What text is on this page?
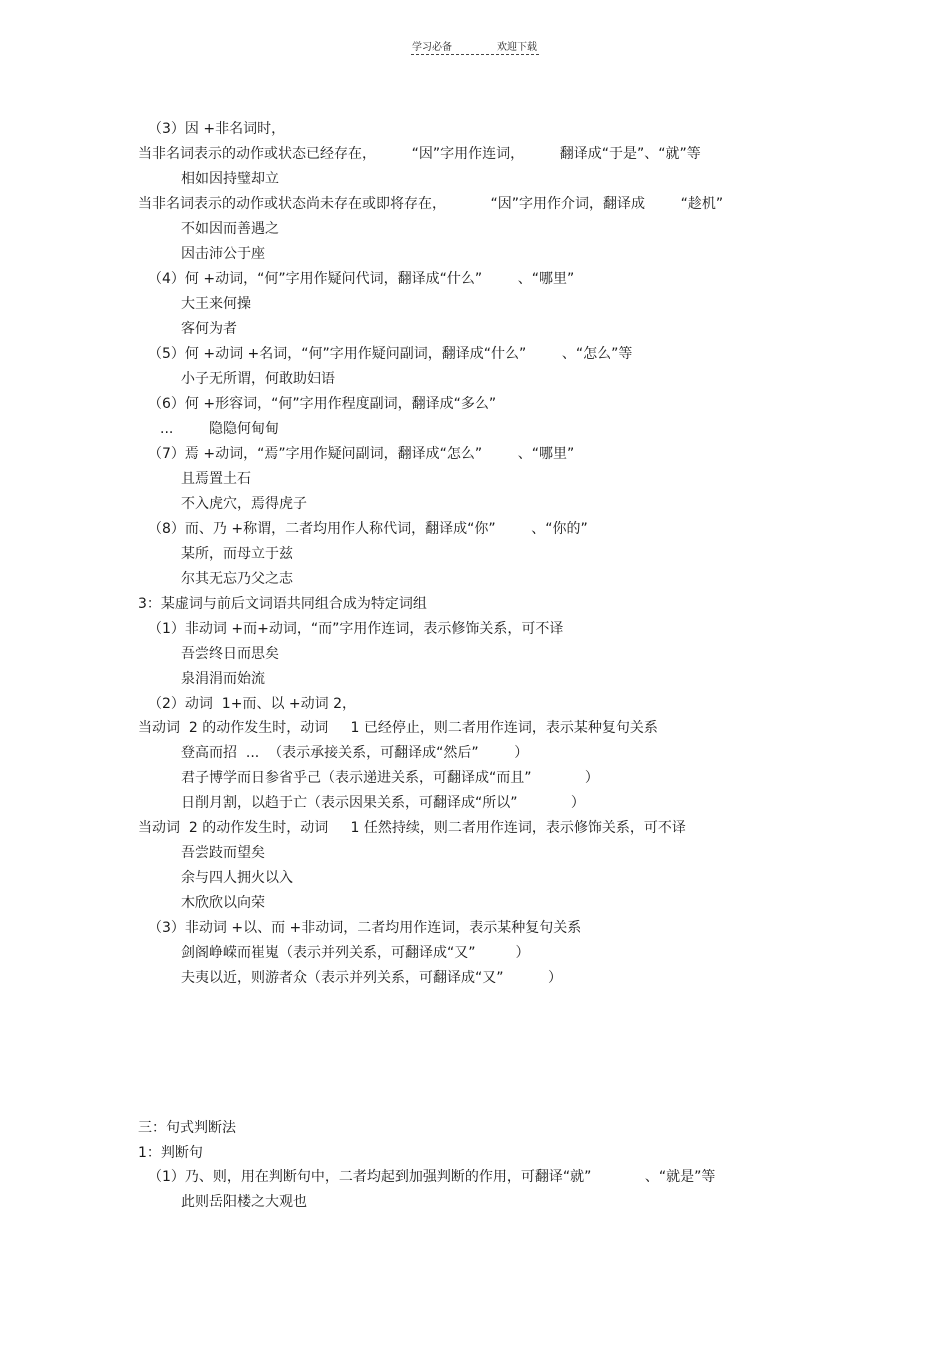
学习必备	欢迎下载
（3）因 +非名词时，
当非名词表示的动作或状态已经存在，        “因”字用作连词，        翻译成“于是”、“就”等
相如因持璧却立
当非名词表示的动作或状态尚未存在或即将存在，          “因”字用作介词，翻译成        “趁机”
不如因而善遇之
因击沛公于座
（4）何 +动词，“何”字用作疑问代词，翻译成“什么”        、“哪里”
大王来何操
客何为者
（5）何 +动词 +名词，“何”字用作疑问副词，翻译成“什么”        、“怎么”等
小子无所谓，何敢助妇语
（6）何 +形容词，“何”字用作程度副词，翻译成“多么”
...        隐隐何甸甸
（7）焉 +动词，“焉”字用作疑问副词，翻译成“怎么”        、“哪里”
且焉置土石
不入虎穴，焉得虎子
（8）而、乃 +称谓，二者均用作人称代词，翻译成“你”        、“你的”
某所，而母立于兹
尔其无忘乃父之志
3：某虚词与前后文词语共同组合成为特定词组
（1）非动词 +而+动词，“而”字用作连词，表示修饰关系，可不译
吾尝终日而思矣
泉涓涓而始流
（2）动词  1+而、以 +动词 2，
当动词  2 的动作发生时，动词     1 已经停止，则二者用作连词，表示某种复句关系
登高而招  ...  （表示承接关系，可翻译成“然后”        ）
君子博学而日参省乎己（表示递进关系，可翻译成“而且”            ）
日削月割，以趋于亡（表示因果关系，可翻译成“所以”            ）
当动词  2 的动作发生时，动词     1 任然持续，则二者用作连词，表示修饰关系，可不译
吾尝跂而望矣
余与四人拥火以入
木欣欣以向荣
（3）非动词 +以、而 +非动词，二者均用作连词，表示某种复句关系
剑阁峥嵘而崔嵬（表示并列关系，可翻译成“又”         ）
夫夷以近，则游者众（表示并列关系，可翻译成“又”          ）
三：句式判断法
1：判断句
（1）乃、则，用在判断句中，二者均起到加强判断的作用，可翻译“就”            、“就是”等
此则岳阳楼之大观也
